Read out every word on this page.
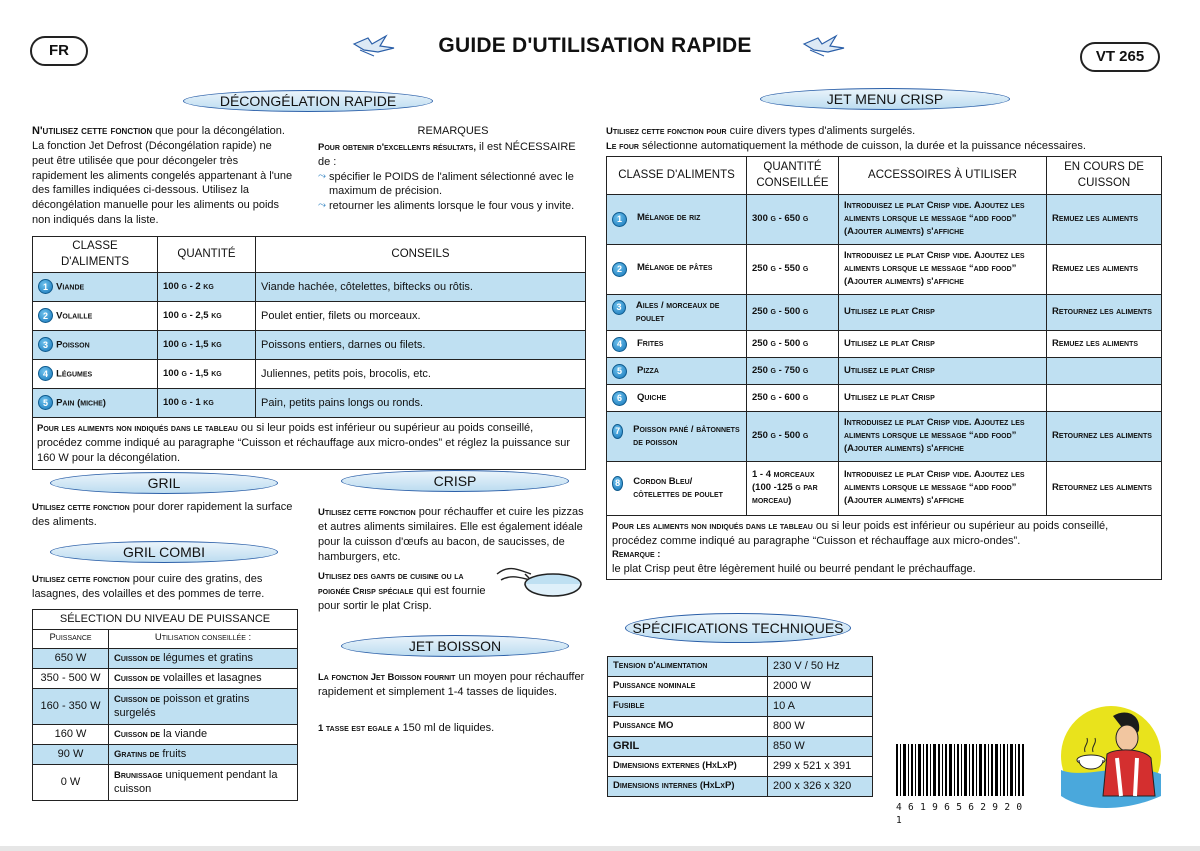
FR	GUIDE D'UTILISATION RAPIDE	VT 265
DÉCONGÉLATION RAPIDE
N'utilisez cette fonction que pour la décongélation. La fonction Jet Defrost (Décongélation rapide) ne peut être utilisée que pour décongeler très rapidement les aliments congelés appartenant à l'une des familles indiquées ci-dessous. Utilisez la décongélation manuelle pour les aliments ou poids non indiqués dans la liste.
REMARQUES
Pour obtenir d'excellents résultats, il est NÉCESSAIRE de :
⤳ spécifier le POIDS de l'aliment sélectionné avec le maximum de précision.
⤳ retourner les aliments lorsque le four vous y invite.
CLASSE D'ALIMENTS	QUANTITÉ	CONSEILS
1 Viande	100 g - 2 kg	Viande hachée, côtelettes, biftecks ou rôtis.
2 Volaille	100 g - 2,5 kg	Poulet entier, filets ou morceaux.
3 Poisson	100 g - 1,5 kg	Poissons entiers, darnes ou filets.
4 Légumes	100 g - 1,5 kg	Juliennes, petits pois, brocolis, etc.
5 Pain (miche)	100 g - 1 kg	Pain, petits pains longs ou ronds.
Pour les aliments non indiqués dans le tableau ou si leur poids est inférieur ou supérieur au poids conseillé, procédez comme indiqué au paragraphe “Cuisson et réchauffage aux micro-ondes” et réglez la puissance sur 160 W pour la décongélation.		
GRIL
Utilisez cette fonction pour dorer rapidement la surface des aliments.
GRIL COMBI
Utilisez cette fonction pour cuire des gratins, des lasagnes, des volailles et des pommes de terre.
SÉLECTION DU NIVEAU DE PUISSANCE	
Puissance	Utilisation conseillée :
650 W	Cuisson de légumes et gratins
350 - 500 W	Cuisson de volailles et lasagnes
160 - 350 W	Cuisson de poisson et gratins surgelés
160 W	Cuisson de la viande
90 W	Gratins de fruits
0 W	Brunissage uniquement pendant la cuisson
CRISP
Utilisez cette fonction pour réchauffer et cuire les pizzas et autres aliments similaires. Elle est également idéale pour la cuisson d'œufs au bacon, de saucisses, de hamburgers, etc.
Utilisez des gants de cuisine ou la poignée Crisp spéciale qui est fournie pour sortir le plat Crisp.
JET BOISSON
La fonction Jet Boisson fournit un moyen pour réchauffer rapidement et simplement 1-4 tasses de liquides.
1 tasse est egale a 150 ml de liquides.
JET MENU CRISP
Utilisez cette fonction pour cuire divers types d'aliments surgelés.
Le four sélectionne automatiquement la méthode de cuisson, la durée et la puissance nécessaires.
CLASSE D'ALIMENTS	QUANTITÉ CONSEILLÉE	ACCESSOIRES À UTILISER	EN COURS DE CUISSON

1 Mélange de riz	300 g - 650 g	Introduisez le plat Crisp vide. Ajoutez les aliments lorsque le message “add food” (Ajouter aliments) s'affiche	Remuez les aliments

2 Mélange de pâtes	250 g - 550 g	Introduisez le plat Crisp vide. Ajoutez les aliments lorsque le message “add food” (Ajouter aliments) s'affiche	Remuez les aliments

3 Ailes / morceaux de poulet	250 g - 500 g	Utilisez le plat Crisp	Retournez les aliments

4 Frites	250 g - 500 g	Utilisez le plat Crisp	Remuez les aliments

5 Pizza	250 g - 750 g	Utilisez le plat Crisp	

6 Quiche	250 g - 600 g	Utilisez le plat Crisp	

7 Poisson pané / bâtonnets de poisson	250 g - 500 g	Introduisez le plat Crisp vide. Ajoutez les aliments lorsque le message “add food” (Ajouter aliments) s'affiche	Retournez les aliments

8 Cordon Bleu/ côtelettes de poulet	1 - 4 morceaux (100 -125 g par morceau)	Introduisez le plat Crisp vide. Ajoutez les aliments lorsque le message “add food” (Ajouter aliments) s'affiche	Retournez les aliments

Pour les aliments non indiqués dans le tableau ou si leur poids est inférieur ou supérieur au poids conseillé, procédez comme indiqué au paragraphe “Cuisson et réchauffage aux micro-ondes”.
Remarque :
le plat Crisp peut être légèrement huilé ou beurré pendant le préchauffage.			
SPÉCIFICATIONS TECHNIQUES
Tension d'alimentation	230 V / 50 Hz
Puissance nominale	2000 W
Fusible	10 A
Puissance MO	800 W
GRIL	850 W
Dimensions externes (HxLxP)	299 x 521 x 391
Dimensions internes (HxLxP)	200 x 326 x 320
4 6 1 9 6 5 6 2 9 2 0 1
